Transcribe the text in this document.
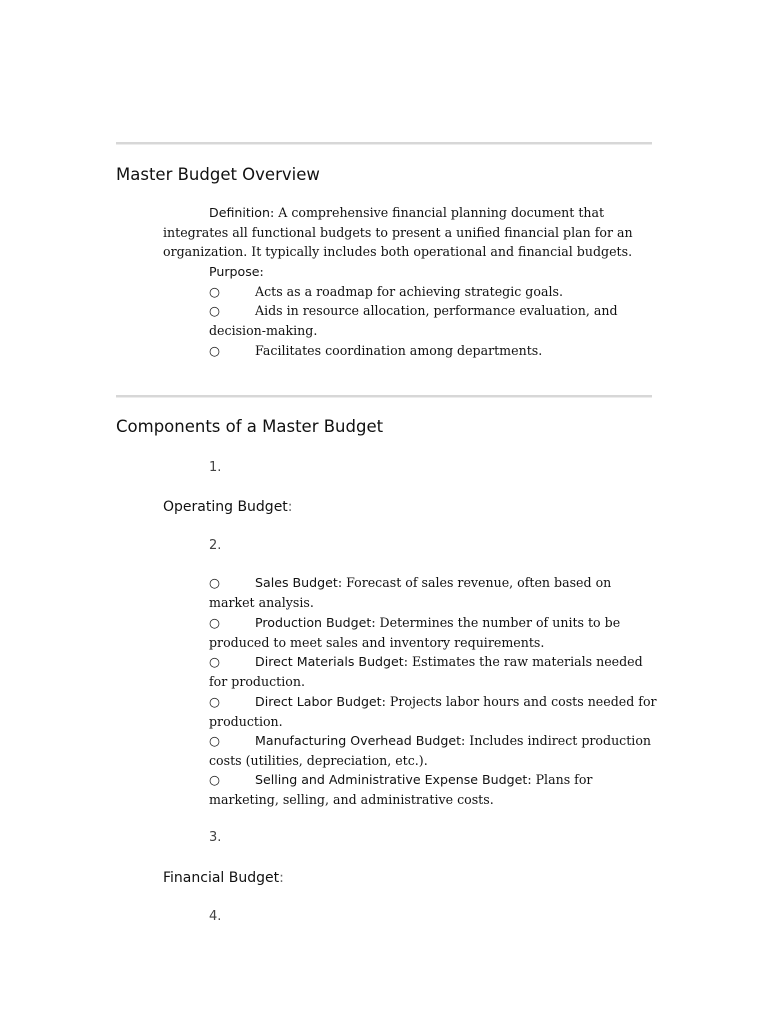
Master Budget Overview

Definition: A comprehensive financial planning document that integrates all functional budgets to present a unified financial plan for an organization. It typically includes both operational and financial budgets.

Purpose:

○	Acts as a roadmap for achieving strategic goals.

○	Aids in resource allocation, performance evaluation, and decision-making.

○	Facilitates coordination among departments.

Components of a Master Budget

1.

Operating Budget:

2.

○	Sales Budget: Forecast of sales revenue, often based on market analysis.

○	Production Budget: Determines the number of units to be produced to meet sales and inventory requirements.

○	Direct Materials Budget: Estimates the raw materials needed for production.

○	Direct Labor Budget: Projects labor hours and costs needed for production.

○	Manufacturing Overhead Budget: Includes indirect production costs (utilities, depreciation, etc.).

○	Selling and Administrative Expense Budget: Plans for marketing, selling, and administrative costs.

3.

Financial Budget:

4.
